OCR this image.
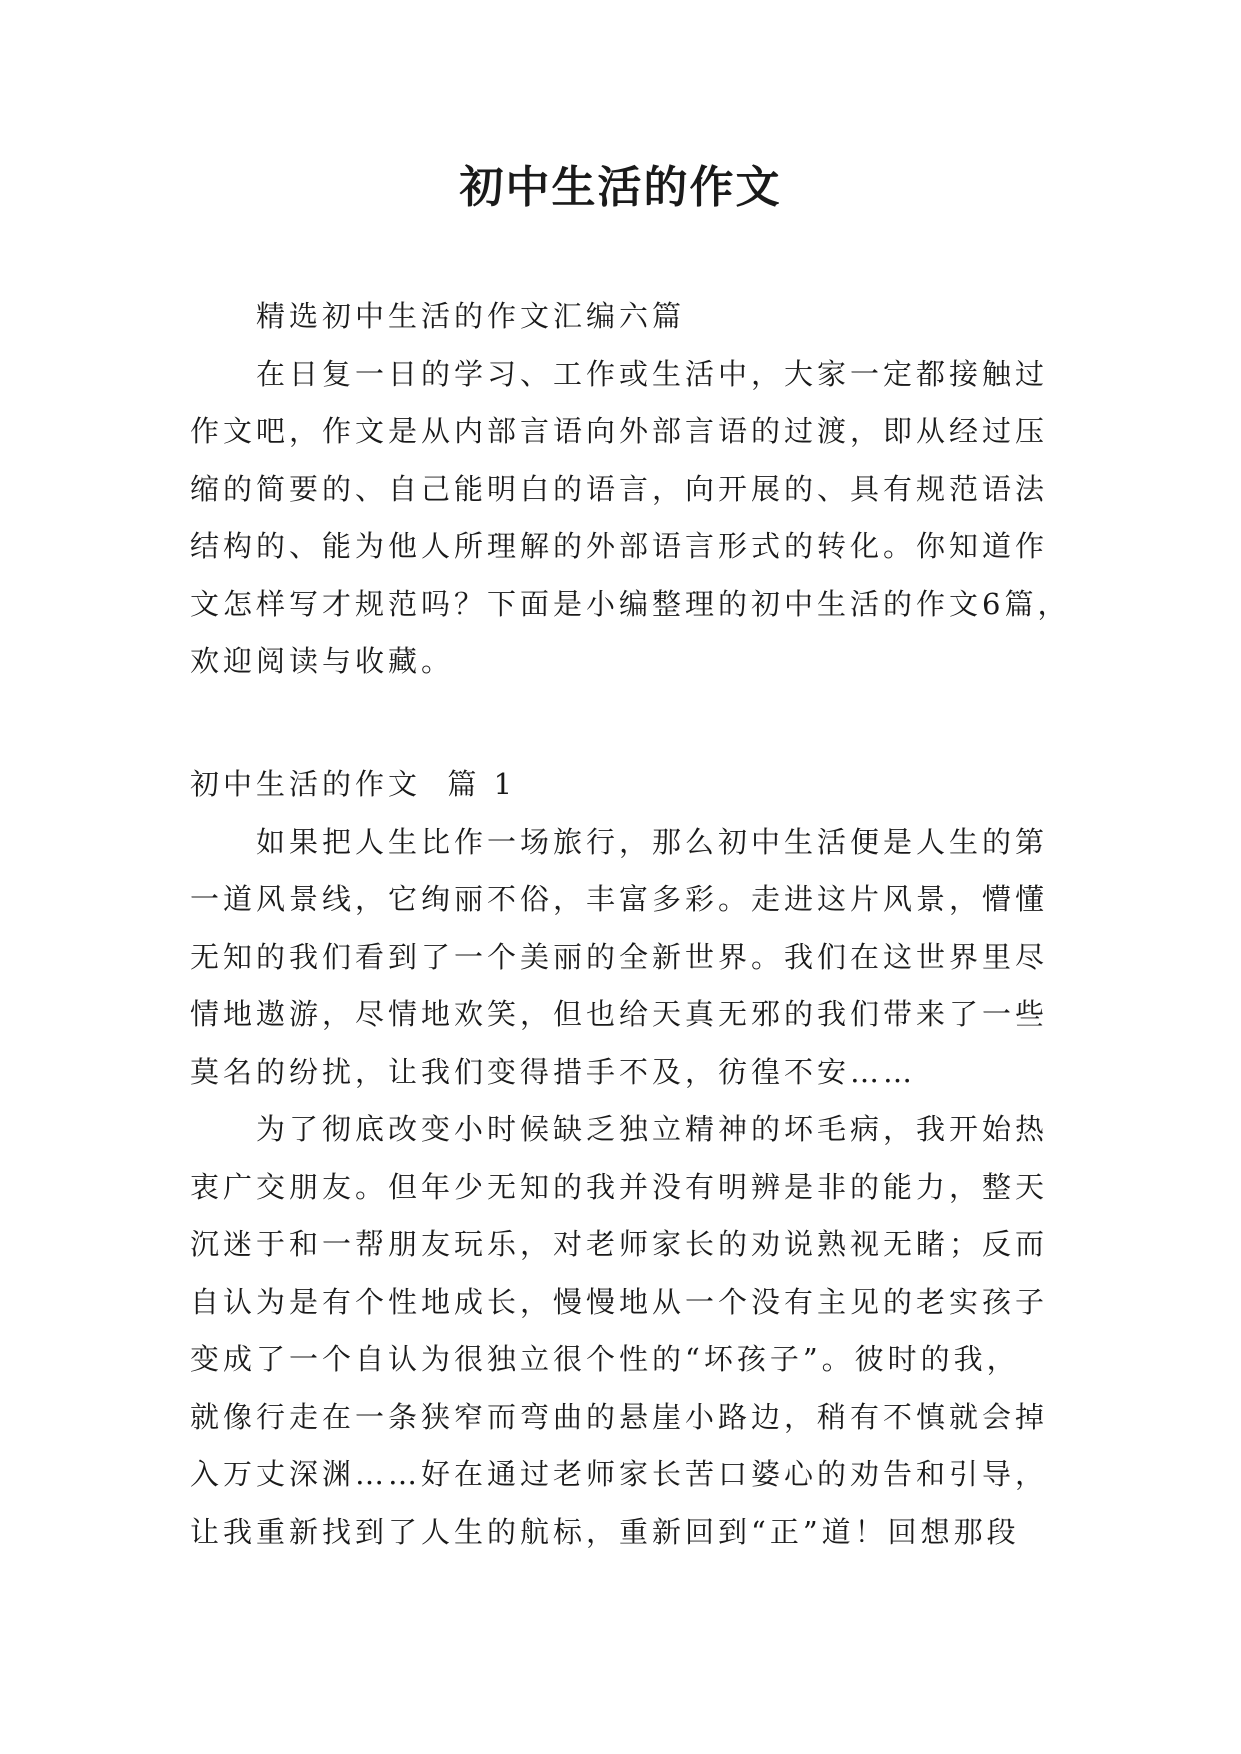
初中生活的作文
精选初中生活的作文汇编六篇
在日复一日的学习、工作或生活中，大家一定都接触过
作文吧，作文是从内部言语向外部言语的过渡，即从经过压
缩的简要的、自己能明白的语言，向开展的、具有规范语法
结构的、能为他人所理解的外部语言形式的转化。你知道作
文怎样写才规范吗？下面是小编整理的初中生活的作文6篇，
欢迎阅读与收藏。
初中生活的作文  篇 1
如果把人生比作一场旅行，那么初中生活便是人生的第
一道风景线，它绚丽不俗，丰富多彩。走进这片风景，懵懂
无知的我们看到了一个美丽的全新世界。我们在这世界里尽
情地遨游，尽情地欢笑，但也给天真无邪的我们带来了一些
莫名的纷扰，让我们变得措手不及，彷徨不安……
为了彻底改变小时候缺乏独立精神的坏毛病，我开始热
衷广交朋友。但年少无知的我并没有明辨是非的能力，整天
沉迷于和一帮朋友玩乐，对老师家长的劝说熟视无睹；反而
自认为是有个性地成长，慢慢地从一个没有主见的老实孩子
变成了一个自认为很独立很个性的“坏孩子”。彼时的我，
就像行走在一条狭窄而弯曲的悬崖小路边，稍有不慎就会掉
入万丈深渊……好在通过老师家长苦口婆心的劝告和引导，
让我重新找到了人生的航标，重新回到“正”道！回想那段
